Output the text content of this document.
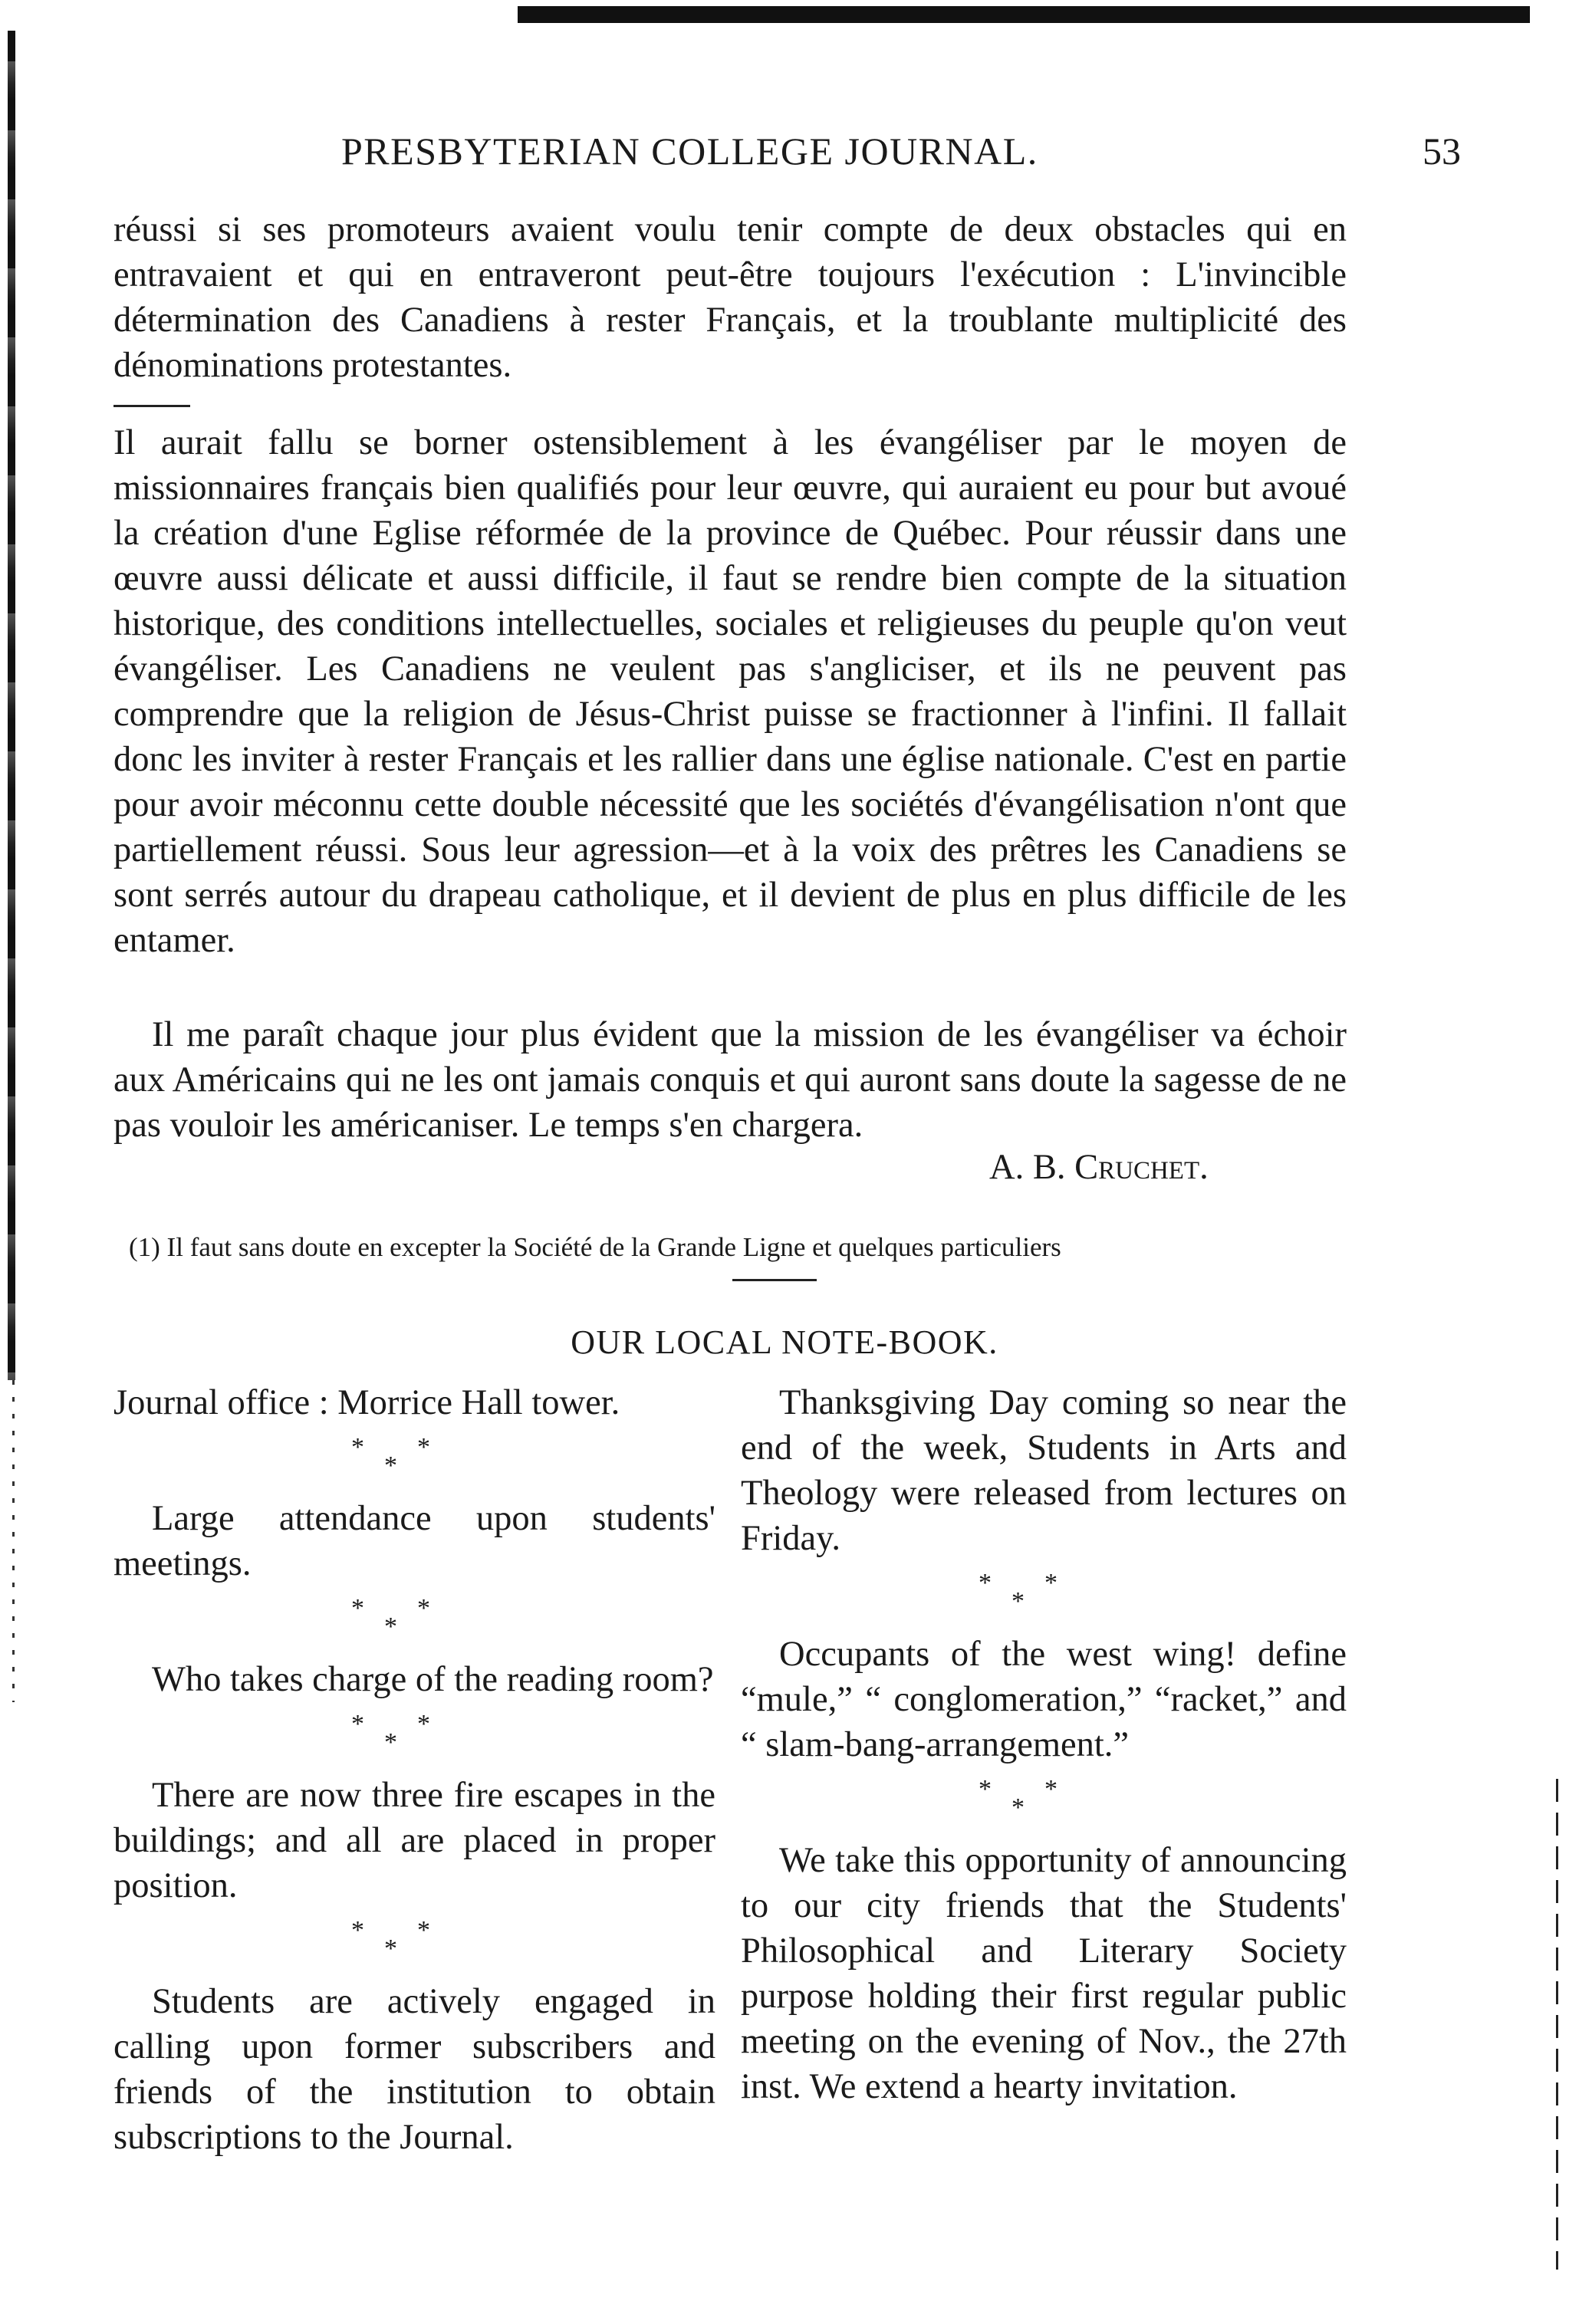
PRESBYTERIAN COLLEGE JOURNAL.	53

réussi si ses promoteurs avaient voulu tenir compte de deux obstacles qui en entravaient et qui en entraveront peut-être toujours l'exécution : L'invincible détermination des Canadiens à rester Français, et la troublante multiplicité des dénominations protestantes.

Il aurait fallu se borner ostensiblement à les évangéliser par le moyen de missionnaires français bien qualifiés pour leur œuvre, qui auraient eu pour but avoué la création d'une Eglise réformée de la province de Québec. Pour réussir dans une œuvre aussi délicate et aussi difficile, il faut se rendre bien compte de la situation historique, des conditions intellectuelles, sociales et religieuses du peuple qu'on veut évangéliser. Les Canadiens ne veulent pas s'angliciser, et ils ne peuvent pas comprendre que la religion de Jésus-Christ puisse se fractionner à l'infini. Il fallait donc les inviter à rester Français et les rallier dans une église nationale. C'est en partie pour avoir méconnu cette double nécessité que les sociétés d'évangélisation n'ont que partiellement réussi. Sous leur agression—et à la voix des prêtres les Canadiens se sont serrés autour du drapeau catholique, et il devient de plus en plus difficile de les entamer.

Il me paraît chaque jour plus évident que la mission de les évangéliser va échoir aux Américains qui ne les ont jamais conquis et qui auront sans doute la sagesse de ne pas vouloir les américaniser. Le temps s'en chargera.

A. B. Cruchet.
(1) Il faut sans doute en excepter la Société de la Grande Ligne et quelques particuliers
OUR LOCAL NOTE-BOOK.

Journal office : Morrice Hall tower.

*
*
*

Large attendance upon students' meetings.

*
*
*

Who takes charge of the reading room?

*
*
*

There are now three fire escapes in the buildings; and all are placed in proper position.

*
*
*

Students are actively engaged in calling upon former subscribers and friends of the institution to obtain subscriptions to the Journal.

Thanksgiving Day coming so near the end of the week, Students in Arts and Theology were released from lectures on Friday.

*
*
*

Occupants of the west wing! define “mule,” “ conglomeration,” “racket,” and “ slam-bang-arrangement.”

*
*
*

We take this opportunity of announcing to our city friends that the Students' Philosophical and Literary Society purpose holding their first regular public meeting on the evening of Nov., the 27th inst. We extend a hearty invitation.
